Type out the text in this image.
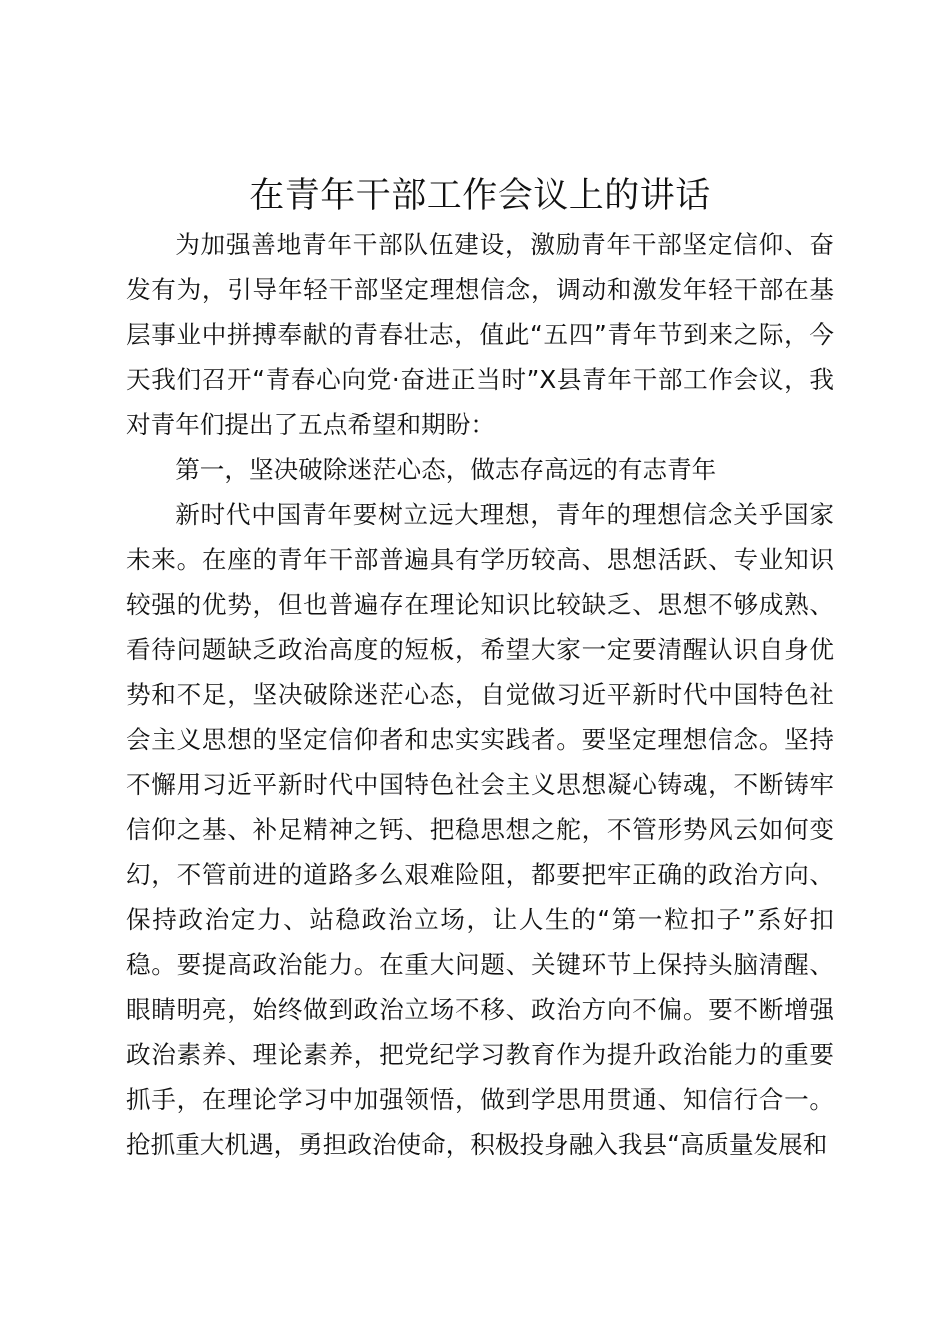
在青年干部工作会议上的讲话

为加强善地青年干部队伍建设，激励青年干部坚定信仰、奋发有为，引导年轻干部坚定理想信念，调动和激发年轻干部在基层事业中拼搏奉献的青春壮志，值此“五四”青年节到来之际，今天我们召开“青春心向党·奋进正当时”X县青年干部工作会议，我对青年们提出了五点希望和期盼：

第一，坚决破除迷茫心态，做志存高远的有志青年

新时代中国青年要树立远大理想，青年的理想信念关乎国家未来。在座的青年干部普遍具有学历较高、思想活跃、专业知识较强的优势，但也普遍存在理论知识比较缺乏、思想不够成熟、看待问题缺乏政治高度的短板，希望大家一定要清醒认识自身优势和不足，坚决破除迷茫心态，自觉做习近平新时代中国特色社会主义思想的坚定信仰者和忠实实践者。要坚定理想信念。坚持不懈用习近平新时代中国特色社会主义思想凝心铸魂，不断铸牢信仰之基、补足精神之钙、把稳思想之舵，不管形势风云如何变幻，不管前进的道路多么艰难险阻，都要把牢正确的政治方向、保持政治定力、站稳政治立场，让人生的“第一粒扣子”系好扣稳。要提高政治能力。在重大问题、关键环节上保持头脑清醒、眼睛明亮，始终做到政治立场不移、政治方向不偏。要不断增强政治素养、理论素养，把党纪学习教育作为提升政治能力的重要抓手，在理论学习中加强领悟，做到学思用贯通、知信行合一。抢抓重大机遇，勇担政治使命，积极投身融入我县“高质量发展和
